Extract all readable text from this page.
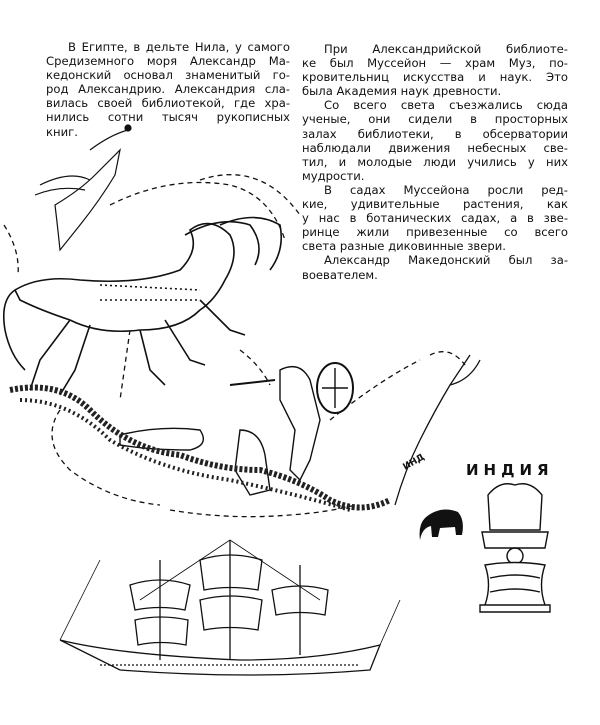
В Египте, в дельте Нила, у самого
Средиземного моря Александр Ма-
кедонский основал знаменитый го-
род Александрию. Александрия сла-
вилась своей библиотекой, где хра-
нились сотни тысяч рукописных
книг.
При Александрийской библиоте-
ке был Муссейон — храм Муз, по-
кровительниц искусства и наук. Это
была Академия наук древности.
Со всего света съезжались сюда
ученые, они сидели в просторных
залах библиотеки, в обсерватории
наблюдали движения небесных све-
тил, и молодые люди учились у них
мудрости.
В садах Муссейона росли ред-
кие, удивительные растения, как
у нас в ботанических садах, а в зве-
ринце жили привезенные со всего
света разные диковинные звери.
Александр Македонский был за-
воевателем.
ИНД	ИНДИЯ
